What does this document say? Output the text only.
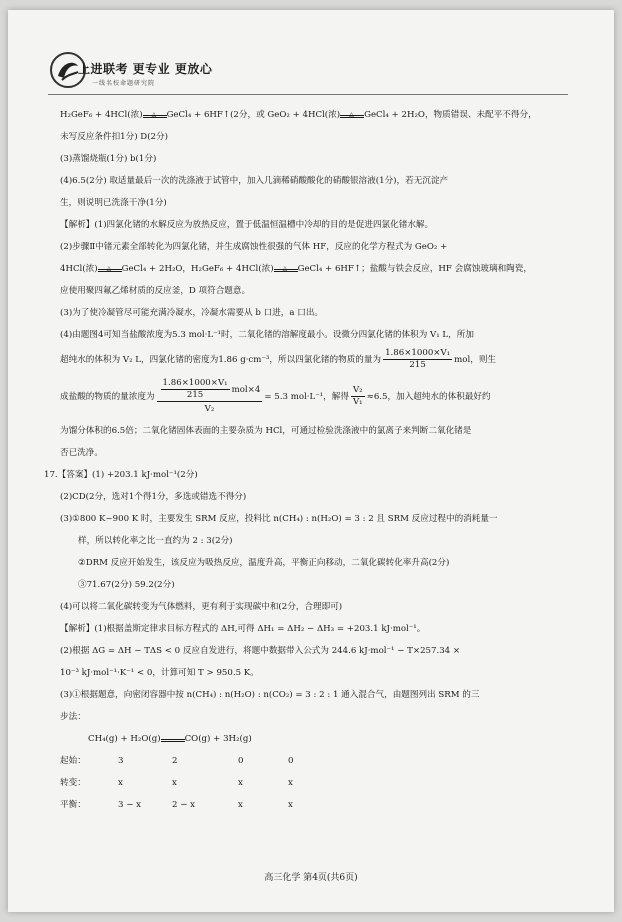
上进联考 更专业 更放心
一线名校命题研究院
H₂GeF₆ + 4HCl(浓) △ GeCl₄ + 6HF↑(2分，或 GeO₂ + 4HCl(浓) △ GeCl₄ + 2H₂O，物质错误、未配平不得分，
未写反应条件扣1分) D(2分)
(3)蒸馏烧瓶(1分) b(1分)
(4)6.5(2分) 取适量最后一次的洗涤液于试管中，加入几滴稀硝酸酸化的硝酸银溶液(1分)，若无沉淀产
生，则说明已洗涤干净(1分)
【解析】(1)四氯化锗的水解反应为放热反应，置于低温恒温槽中冷却的目的是促进四氯化锗水解。
(2)步骤Ⅱ中锗元素全部转化为四氯化锗，并生成腐蚀性很强的气体 HF，反应的化学方程式为 GeO₂ +
4HCl(浓) △ GeCl₄ + 2H₂O，H₂GeF₆ + 4HCl(浓) △ GeCl₄ + 6HF↑；盐酸与铁会反应，HF 会腐蚀玻璃和陶瓷，
应使用聚四氟乙烯材质的反应釜，D 项符合题意。
(3)为了使冷凝管尽可能充满冷凝水，冷凝水需要从 b 口进，a 口出。
(4)由题图4可知当盐酸浓度为5.3 mol·L⁻¹时，二氧化锗的溶解度最小。设微分四氯化锗的体积为 V₁ L，所加
超纯水的体积为 V₂ L，四氯化锗的密度为1.86 g·cm⁻³，所以四氯化锗的物质的量为 $\frac{\text{1.86×1000×V₁}}{215}$ mol，则生
成盐酸的物质的量浓度为 $\frac{\frac{\text{1.86×1000×V₁}}{215} mol\times 4}{\text{V₂}} = 5.3$ mol·L⁻¹，解得 $\frac{\text{V₂}}{\text{V₁}} \approx 6.5$，加入超纯水的体积最好约
为馏分体积的6.5倍；二氧化锗固体表面的主要杂质为 HCl，可通过检验洗涤液中的氯离子来判断二氧化锗是
否已洗净。
17.【答案】(1) +203.1 kJ·mol⁻¹(2分)
(2)CD(2分，选对1个得1分，多选或错选不得分)
(3)①800 K~900 K 时，主要发生 SRM 反应，投料比 n(CH₄) : n(H₂O) = 3 : 2 且 SRM 反应过程中的消耗量一
样，所以转化率之比一直约为 2 : 3(2分)
②DRM 反应开始发生，该反应为吸热反应，温度升高，平衡正向移动，二氧化碳转化率升高(2分)
③71.67(2分) 59.2(2分)
(4)可以将二氧化碳转变为气体燃料，更有利于实现碳中和(2分，合理即可)
【解析】(1)根据盖斯定律求目标方程式的 ΔH,可得 ΔH₁ = ΔH₂ − ΔH₃ = +203.1 kJ·mol⁻¹。
(2)根据 ΔG = ΔH − TΔS < 0 反应自发进行，将题中数据带入公式为 244.6 kJ·mol⁻¹ − T×257.34 ×
10⁻³ kJ·mol⁻¹·K⁻¹ < 0，计算可知 T > 950.5 K。
(3)①根据题意，向密闭容器中按 n(CH₄) : n(H₂O) : n(CO₂) = 3 : 2 : 1 通入混合气，由题图列出 SRM 的三
步法：
CH₄(g) + H₂O(g)	CO(g) + 3H₂(g)
起始：	3	2	0	0
转变：	x	x	x	x
平衡：	3 − x	2 − x	x	x
高三化学 第4页(共6页)
